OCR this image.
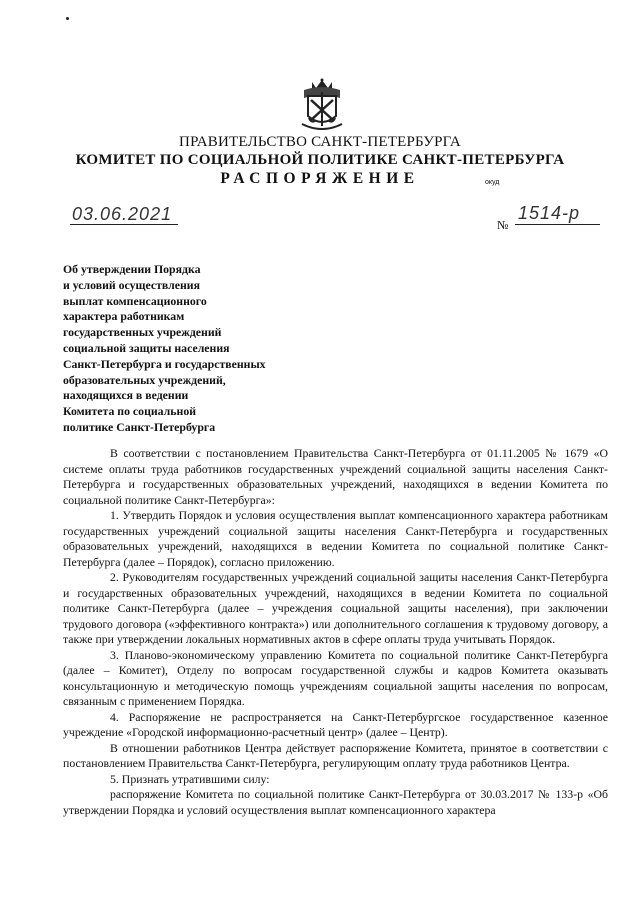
ПРАВИТЕЛЬСТВО САНКТ-ПЕТЕРБУРГА
КОМИТЕТ ПО СОЦИАЛЬНОЙ ПОЛИТИКЕ САНКТ-ПЕТЕРБУРГА
РАСПОРЯЖЕНИЕ	окуд
03.06.2021
№
1514-р
Об утверждении Порядка
и условий осуществления
выплат компенсационного
характера работникам
государственных учреждений
социальной защиты населения
Санкт-Петербурга и государственных
образовательных учреждений,
находящихся в ведении
Комитета по социальной
политике Санкт-Петербурга

В соответствии с постановлением Правительства Санкт-Петербурга от 01.11.2005 № 1679 «О системе оплаты труда работников государственных учреждений социальной защиты населения Санкт-Петербурга и государственных образовательных учреждений, находящихся в ведении Комитета по социальной политике Санкт-Петербурга»:

1. Утвердить Порядок и условия осуществления выплат компенсационного характера работникам государственных учреждений социальной защиты населения Санкт-Петербурга и государственных образовательных учреждений, находящихся в ведении Комитета по социальной политике Санкт-Петербурга (далее – Порядок), согласно приложению.

2. Руководителям государственных учреждений социальной защиты населения Санкт-Петербурга и государственных образовательных учреждений, находящихся в ведении Комитета по социальной политике Санкт-Петербурга (далее – учреждения социальной защиты населения), при заключении трудового договора («эффективного контракта») или дополнительного соглашения к трудовому договору, а также при утверждении локальных нормативных актов в сфере оплаты труда учитывать Порядок.

3. Планово-экономическому управлению Комитета по социальной политике Санкт-Петербурга (далее – Комитет), Отделу по вопросам государственной службы и кадров Комитета оказывать консультационную и методическую помощь учреждениям социальной защиты населения по вопросам, связанным с применением Порядка.

4. Распоряжение не распространяется на Санкт-Петербургское государственное казенное учреждение «Городской информационно-расчетный центр» (далее – Центр).

В отношении работников Центра действует распоряжение Комитета, принятое в соответствии с постановлением Правительства Санкт-Петербурга, регулирующим оплату труда работников Центра.

5. Признать утратившими силу:

распоряжение Комитета по социальной политике Санкт-Петербурга от 30.03.2017 № 133-р «Об утверждении Порядка и условий осуществления выплат компенсационного характера
